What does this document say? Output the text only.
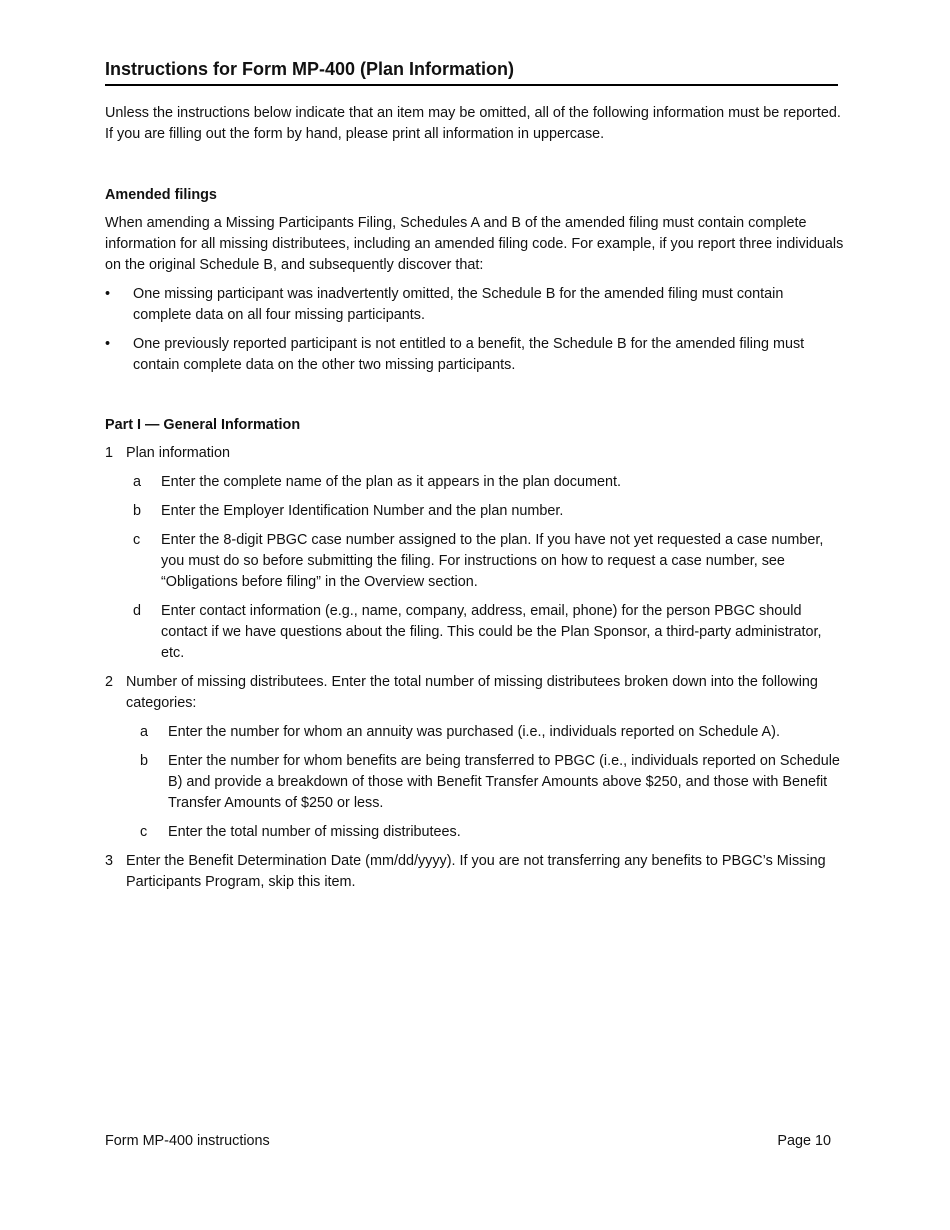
Instructions for Form MP-400 (Plan Information)

Unless the instructions below indicate that an item may be omitted, all of the following information must be reported. If you are filling out the form by hand, please print all information in uppercase.

Amended filings

When amending a Missing Participants Filing, Schedules A and B of the amended filing must contain complete information for all missing distributees, including an amended filing code. For example, if you report three individuals on the original Schedule B, and subsequently discover that:

• One missing participant was inadvertently omitted, the Schedule B for the amended filing must contain complete data on all four missing participants.
• One previously reported participant is not entitled to a benefit, the Schedule B for the amended filing must contain complete data on the other two missing participants.

Part I — General Information

1 Plan information
a Enter the complete name of the plan as it appears in the plan document.
b Enter the Employer Identification Number and the plan number.
c Enter the 8-digit PBGC case number assigned to the plan. If you have not yet requested a case number, you must do so before submitting the filing. For instructions on how to request a case number, see “Obligations before filing” in the Overview section.
d Enter contact information (e.g., name, company, address, email, phone) for the person PBGC should contact if we have questions about the filing. This could be the Plan Sponsor, a third-party administrator, etc.
2 Number of missing distributees. Enter the total number of missing distributees broken down into the following categories:
a Enter the number for whom an annuity was purchased (i.e., individuals reported on Schedule A).
b Enter the number for whom benefits are being transferred to PBGC (i.e., individuals reported on Schedule B) and provide a breakdown of those with Benefit Transfer Amounts above $250, and those with Benefit Transfer Amounts of $250 or less.
c Enter the total number of missing distributees.
3 Enter the Benefit Determination Date (mm/dd/yyyy). If you are not transferring any benefits to PBGC’s Missing Participants Program, skip this item.
Form MP-400 instructions	Page 10
